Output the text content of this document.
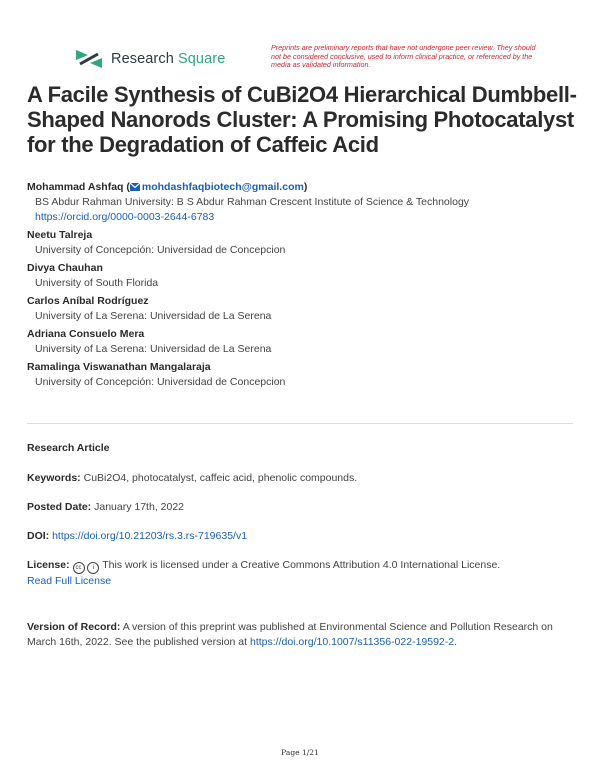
Research Square
Preprints are preliminary reports that have not undergone peer review. They should not be considered conclusive, used to inform clinical practice, or referenced by the media as validated information.
A Facile Synthesis of CuBi2O4 Hierarchical Dumbbell-Shaped Nanorods Cluster: A Promising Photocatalyst for the Degradation of Caffeic Acid
Mohammad Ashfaq ( mohdashfaqbiotech@gmail.com)
BS Abdur Rahman University: B S Abdur Rahman Crescent Institute of Science & Technology
https://orcid.org/0000-0003-2644-6783
Neetu Talreja
University of Concepción: Universidad de Concepcion
Divya Chauhan
University of South Florida
Carlos Aníbal Rodríguez
University of La Serena: Universidad de La Serena
Adriana Consuelo Mera
University of La Serena: Universidad de La Serena
Ramalinga Viswanathan Mangalaraja
University of Concepción: Universidad de Concepcion
Research Article
Keywords: CuBi2O4, photocatalyst, caffeic acid, phenolic compounds.
Posted Date: January 17th, 2022
DOI: https://doi.org/10.21203/rs.3.rs-719635/v1
License: cc i This work is licensed under a Creative Commons Attribution 4.0 International License.
Read Full License
Version of Record: A version of this preprint was published at Environmental Science and Pollution Research on March 16th, 2022. See the published version at https://doi.org/10.1007/s11356-022-19592-2.
Page 1/21
